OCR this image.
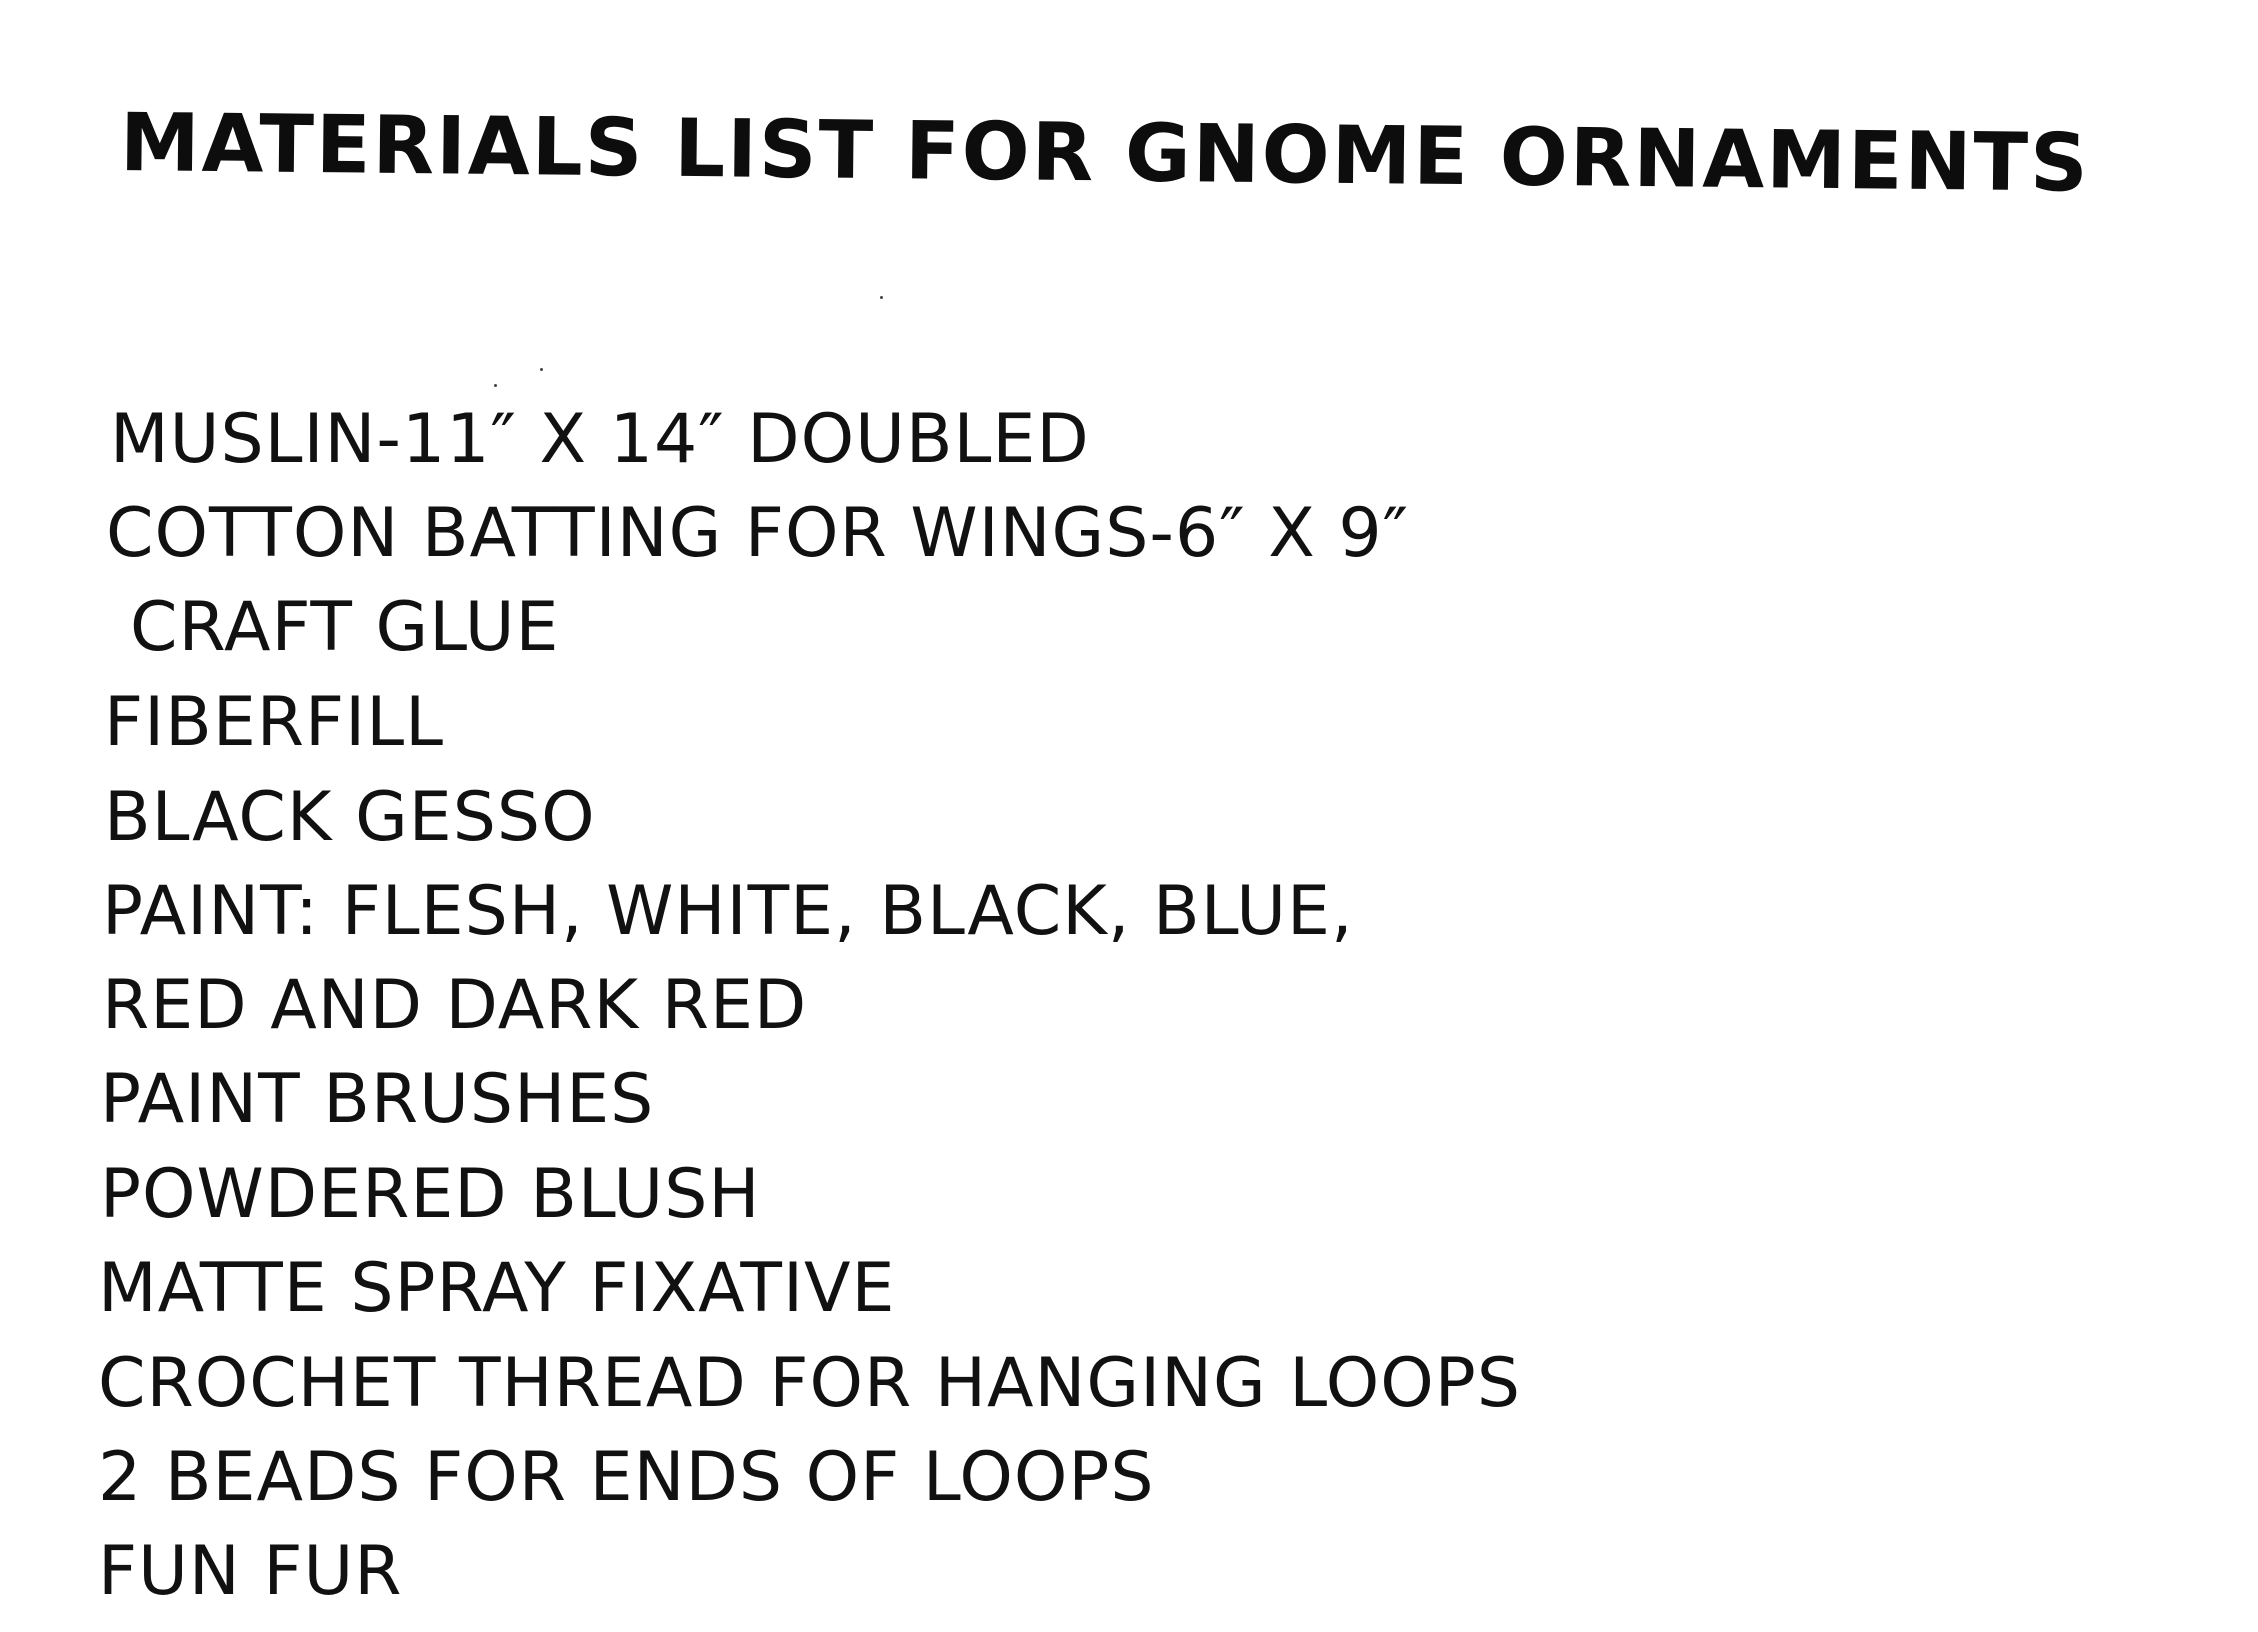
MATERIALS LIST FOR GNOME ORNAMENTS
MUSLIN-11″ X 14″ DOUBLED
COTTON BATTING FOR WINGS-6″ X 9″
CRAFT GLUE
FIBERFILL
BLACK GESSO
PAINT: FLESH, WHITE, BLACK, BLUE,
RED AND DARK RED
PAINT BRUSHES
POWDERED BLUSH
MATTE SPRAY FIXATIVE
CROCHET THREAD FOR HANGING LOOPS
2 BEADS FOR ENDS OF LOOPS
FUN FUR
